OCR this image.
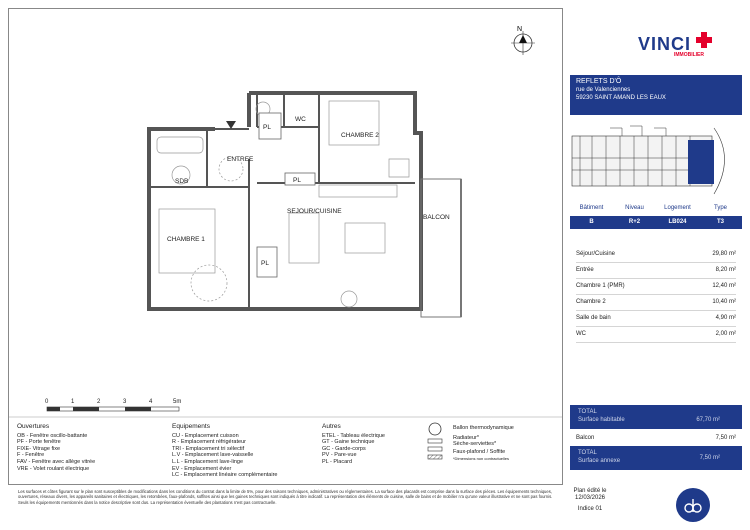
N
WC
CHAMBRE 2
ENTREE
SDB
PL
PL
PL
SEJOUR/CUISINE
CHAMBRE 1
BALCON
0	1	2	3	4	5m
Ouvertures
OB - Fenêtre oscillo-battante
PF - Porte fenêtre
FIXE- Vitrage fixe
F - Fenêtre
FAV - Fenêtre avec allège vitrée
VRE - Volet roulant électrique
Equipements
CU - Emplacement cuisson
R - Emplacement réfrigérateur
TRI - Emplacement tri sélectif
L.V - Emplacement lave-vaisselle
L.L - Emplacement lave-linge
EV - Emplacement évier
LC - Emplacement linéaire complémentaire
Autres
ETEL - Tableau électrique
GT - Gaine technique
GC - Garde-corps
PV - Pare-vue
PL - Placard
Ballon thermodynamique
Radiateur*
Sèche-serviettes*
Faux-plafond / Soffite
*Dimensions non contractuelles
VINCI
IMMOBILIER
REFLETS D'Ô
rue de Valenciennes
59230 SAINT AMAND LES EAUX
Bâtiment	Niveau	Logement	Type
B	R+2	LB024	T3
Séjour/Cuisine	29,80 m²
Entrée	8,20 m²
Chambre 1 (PMR)	12,40 m²
Chambre 2	10,40 m²
Salle de bain	4,90 m²
WC	2,00 m²
TOTAL
Surface habitable	67,70 m²
Balcon	7,50 m²
TOTAL
Surface annexe	7,50 m²
Les surfaces et côtes figurant sur le plan sont susceptibles de modifications dans les conditions du contrat dans la limite de 5%, pour des raisons techniques, administratives ou réglementaires. La surface des placards est comprise dans la surface des pièces. Les équipements techniques, ouvertures, réseaux divers, les appareils sanitaires et électriques, les retombées, faux-plafonds, soffites ainsi que les gaines techniques sont indiqués à titre indicatif. La représentation des éléments de cuisine, salle de bains et de mobilier n'a qu'une valeur illustrative et ne sont pas fournis. Seuls les équipements mentionnés dans la notice descriptive sont dus. La représentation éventuelle des plantations n'est pas contractuelle.
Plan édité le
12/03/2026
Indice 01
